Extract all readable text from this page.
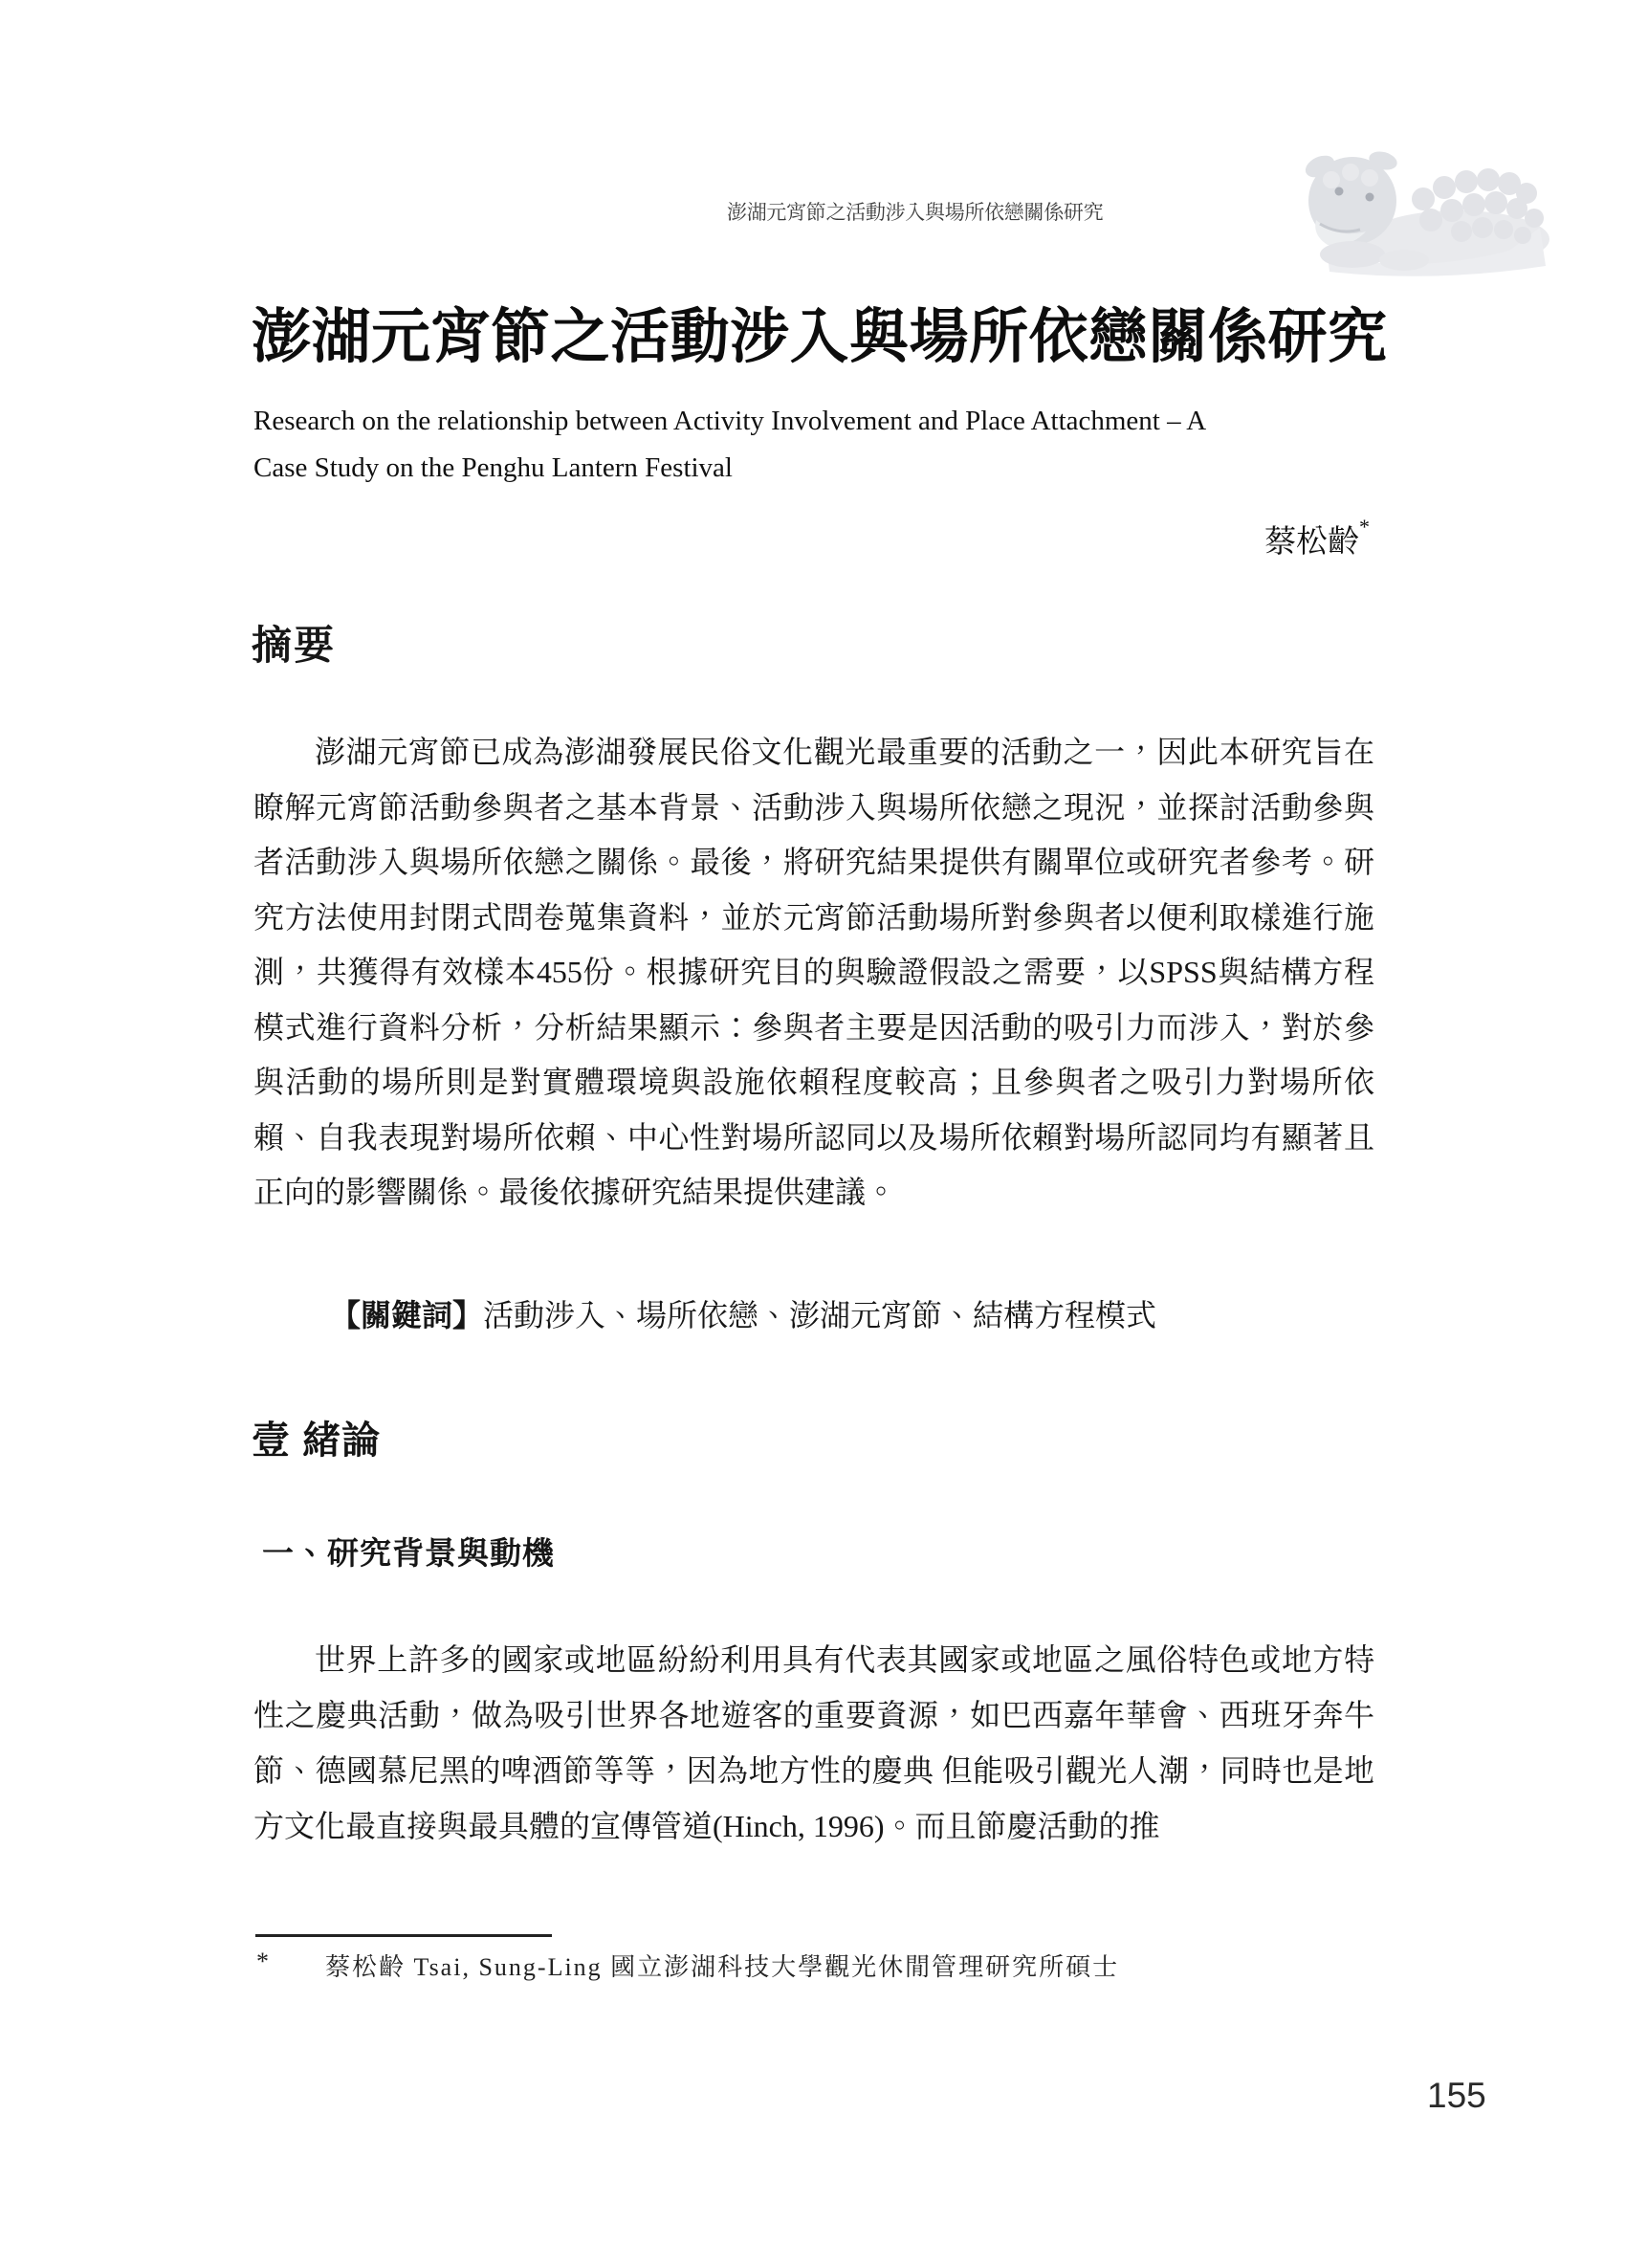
澎湖元宵節之活動涉入與場所依戀關係研究
澎湖元宵節之活動涉入與場所依戀關係研究
Research on the relationship between Activity Involvement and Place Attachment – A
Case Study on the Penghu Lantern Festival
蔡松齡*
摘要

澎湖元宵節已成為澎湖發展民俗文化觀光最重要的活動之一，因此本研究旨在瞭解元宵節活動參與者之基本背景、活動涉入與場所依戀之現況，並探討活動參與者活動涉入與場所依戀之關係。最後，將研究結果提供有關單位或研究者參考。研究方法使用封閉式問卷蒐集資料，並於元宵節活動場所對參與者以便利取樣進行施測，共獲得有效樣本455份。根據研究目的與驗證假設之需要，以SPSS與結構方程模式進行資料分析，分析結果顯示：參與者主要是因活動的吸引力而涉入，對於參與活動的場所則是對實體環境與設施依賴程度較高；且參與者之吸引力對場所依賴、自我表現對場所依賴、中心性對場所認同以及場所依賴對場所認同均有顯著且正向的影響關係。最後依據研究結果提供建議。

【關鍵詞】活動涉入、場所依戀、澎湖元宵節、結構方程模式
壹 緒論
一、研究背景與動機

世界上許多的國家或地區紛紛利用具有代表其國家或地區之風俗特色或地方特性之慶典活動，做為吸引世界各地遊客的重要資源，如巴西嘉年華會、西班牙奔牛節、德國慕尼黑的啤酒節等等，因為地方性的慶典 但能吸引觀光人潮，同時也是地方文化最直接與最具體的宣傳管道(Hinch, 1996)。而且節慶活動的推

*	蔡松齡 Tsai, Sung-Ling 國立澎湖科技大學觀光休閒管理研究所碩士
155
